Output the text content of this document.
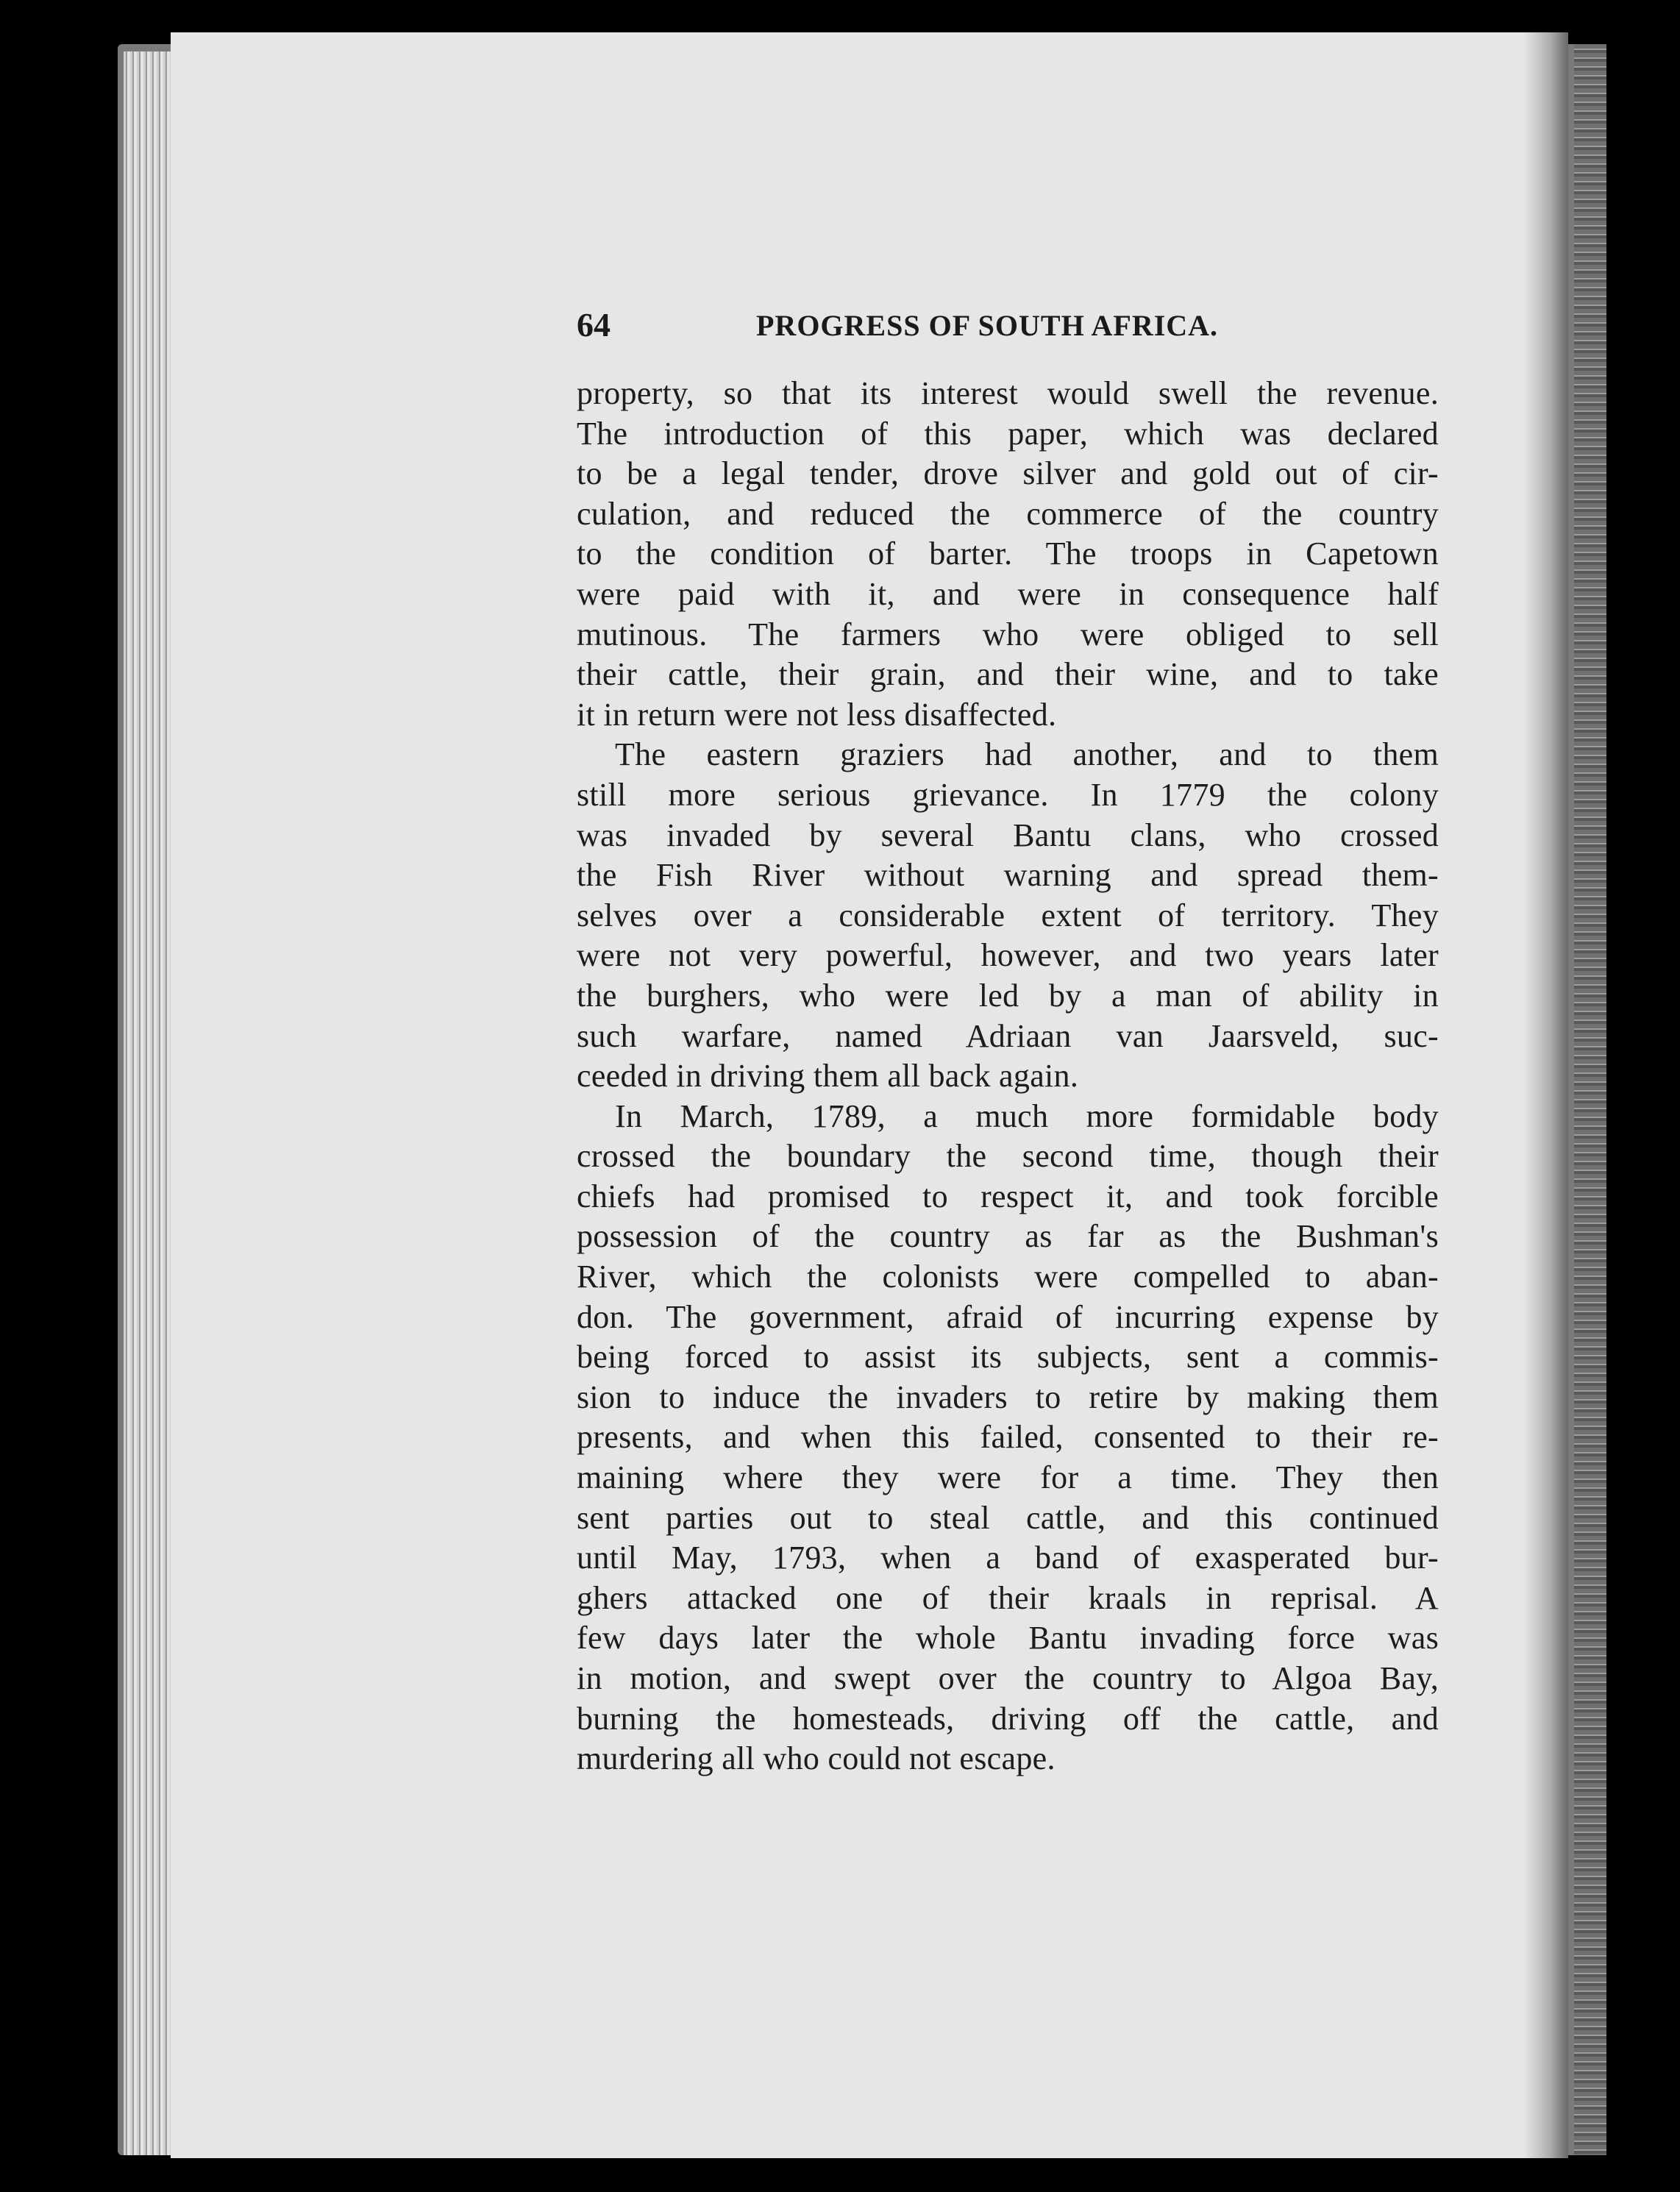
64	PROGRESS OF SOUTH AFRICA.
property, so that its interest would swell the revenue.
The introduction of this paper, which was declared
to be a legal tender, drove silver and gold out of cir-
culation, and reduced the commerce of the country
to the condition of barter. The troops in Capetown
were paid with it, and were in consequence half
mutinous. The farmers who were obliged to sell
their cattle, their grain, and their wine, and to take
it in return were not less disaffected.
The eastern graziers had another, and to them
still more serious grievance. In 1779 the colony
was invaded by several Bantu clans, who crossed
the Fish River without warning and spread them-
selves over a considerable extent of territory. They
were not very powerful, however, and two years later
the burghers, who were led by a man of ability in
such warfare, named Adriaan van Jaarsveld, suc-
ceeded in driving them all back again.
In March, 1789, a much more formidable body
crossed the boundary the second time, though their
chiefs had promised to respect it, and took forcible
possession of the country as far as the Bushman's
River, which the colonists were compelled to aban-
don. The government, afraid of incurring expense by
being forced to assist its subjects, sent a commis-
sion to induce the invaders to retire by making them
presents, and when this failed, consented to their re-
maining where they were for a time. They then
sent parties out to steal cattle, and this continued
until May, 1793, when a band of exasperated bur-
ghers attacked one of their kraals in reprisal. A
few days later the whole Bantu invading force was
in motion, and swept over the country to Algoa Bay,
burning the homesteads, driving off the cattle, and
murdering all who could not escape.
